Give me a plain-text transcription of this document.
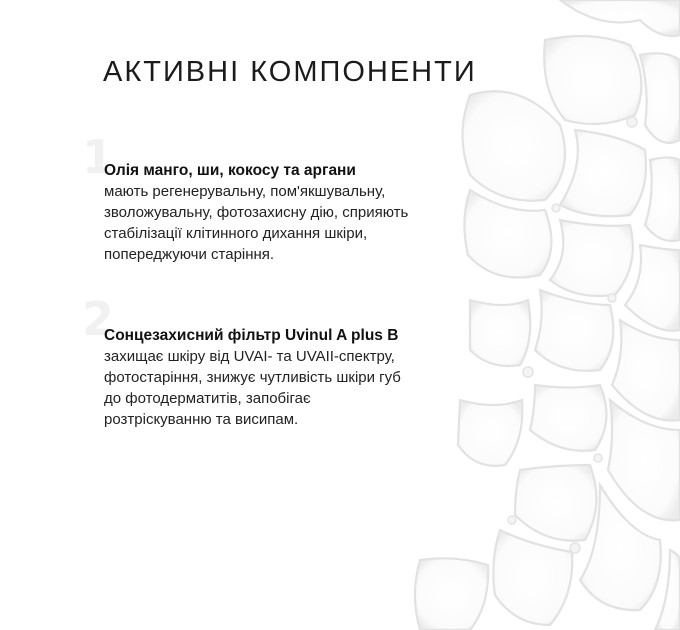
АКТИВНІ КОМПОНЕНТИ
1
Олія манго, ши, кокосу та аргани
мають регенерувальну, пом'якшувальну,
зволожувальну, фотозахисну дію, сприяють
стабілізації клітинного дихання шкіри,
попереджуючи старіння.
2
Сонцезахисний фільтр Uvinul A plus B
захищає шкіру від UVAI- та UVAII-спектру,
фотостаріння, знижує чутливість шкіри губ
до фотодерматитів, запобігає
розтріскуванню та висипам.
